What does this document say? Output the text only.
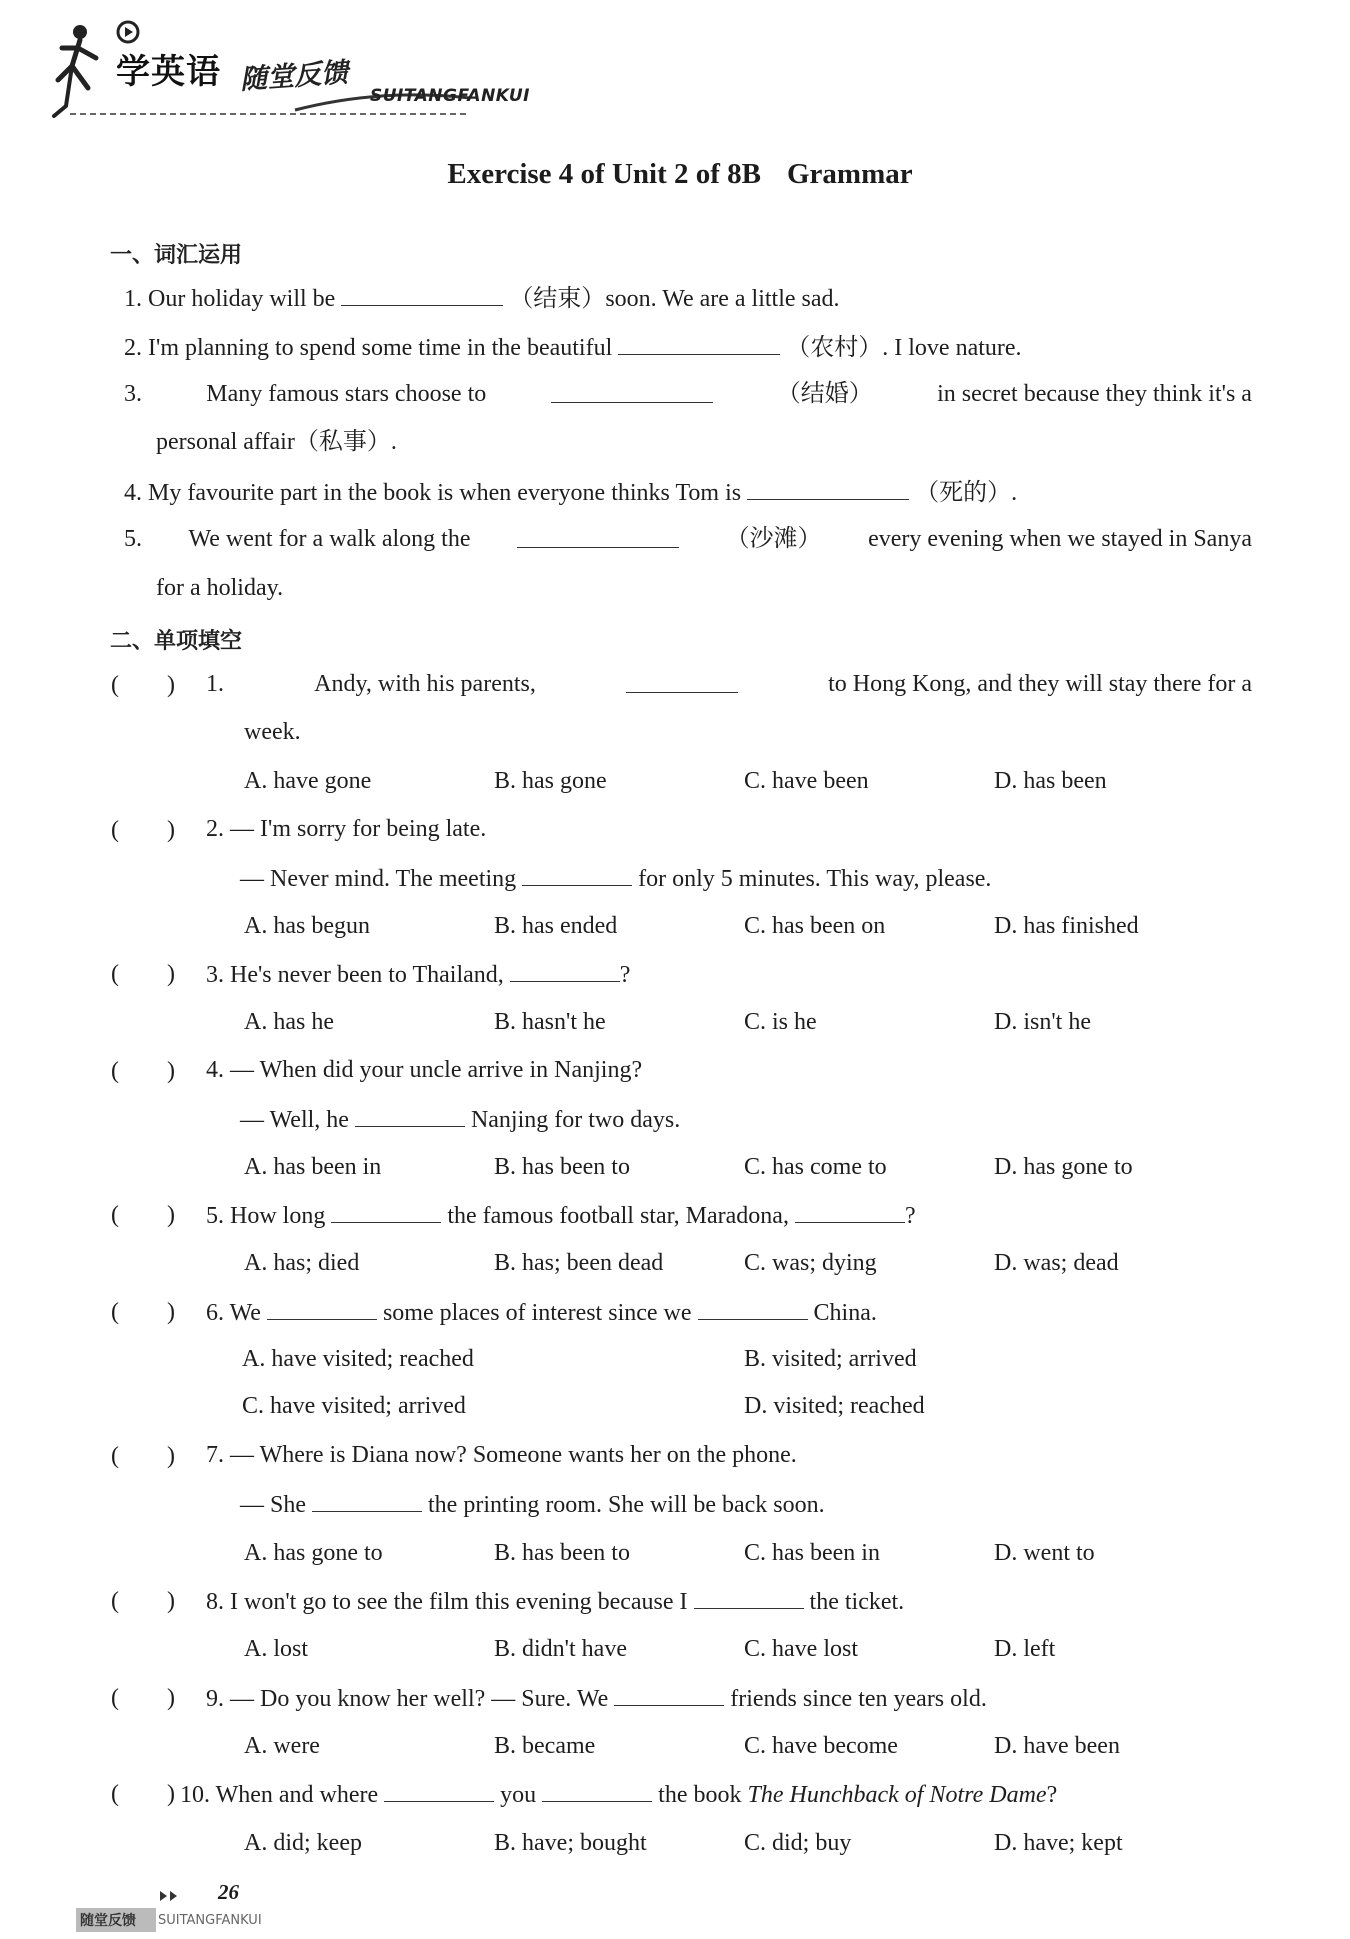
学英语 随堂反馈
SUITANGFANKUI
Exercise 4 of Unit 2 of 8B Grammar
一、词汇运用
1. Our holiday will be	（结束）soon. We are a little sad.
2. I'm planning to spend some time in the beautiful	（农村）. I love nature.
3.	Many famous stars choose to	（结婚）	in secret because they think it's a
personal affair（私事）.
4. My favourite part in the book is when everyone thinks Tom is	（死的）.
5. We went for a walk along the	（沙滩） every evening when we stayed in Sanya
for a holiday.
二、单项填空
( ) 1.	Andy, with his parents,	to Hong Kong, and they will stay there for a
week.
A. have gone	B. has gone	C. have been	D. has been
( ) 2. — I'm sorry for being late.
— Never mind. The meeting	for only 5 minutes. This way, please.
A. has begun	B. has ended	C. has been on	D. has finished
( ) 3. He's never been to Thailand,	?
A. has he	B. hasn't he	C. is he	D. isn't he
( ) 4. — When did your uncle arrive in Nanjing?
— Well, he	Nanjing for two days.
A. has been in	B. has been to	C. has come to	D. has gone to
( ) 5. How long	the famous football star, Maradona,	?
A. has; died	B. has; been dead	C. was; dying	D. was; dead
( ) 6. We	some places of interest since we	China.
A. have visited; reached	B. visited; arrived
C. have visited; arrived	D. visited; reached
( ) 7. — Where is Diana now? Someone wants her on the phone.
— She	the printing room. She will be back soon.
A. has gone to	B. has been to	C. has been in	D. went to
( ) 8. I won't go to see the film this evening because I	the ticket.
A. lost	B. didn't have	C. have lost	D. left
( ) 9. — Do you know her well? — Sure. We	friends since ten years old.
A. were	B. became	C. have become	D. have been
( ) 10. When and where	you	the book The Hunchback of Notre Dame?
A. did; keep	B. have; bought	C. did; buy	D. have; kept
26
随堂反馈 SUITANGFANKUI
